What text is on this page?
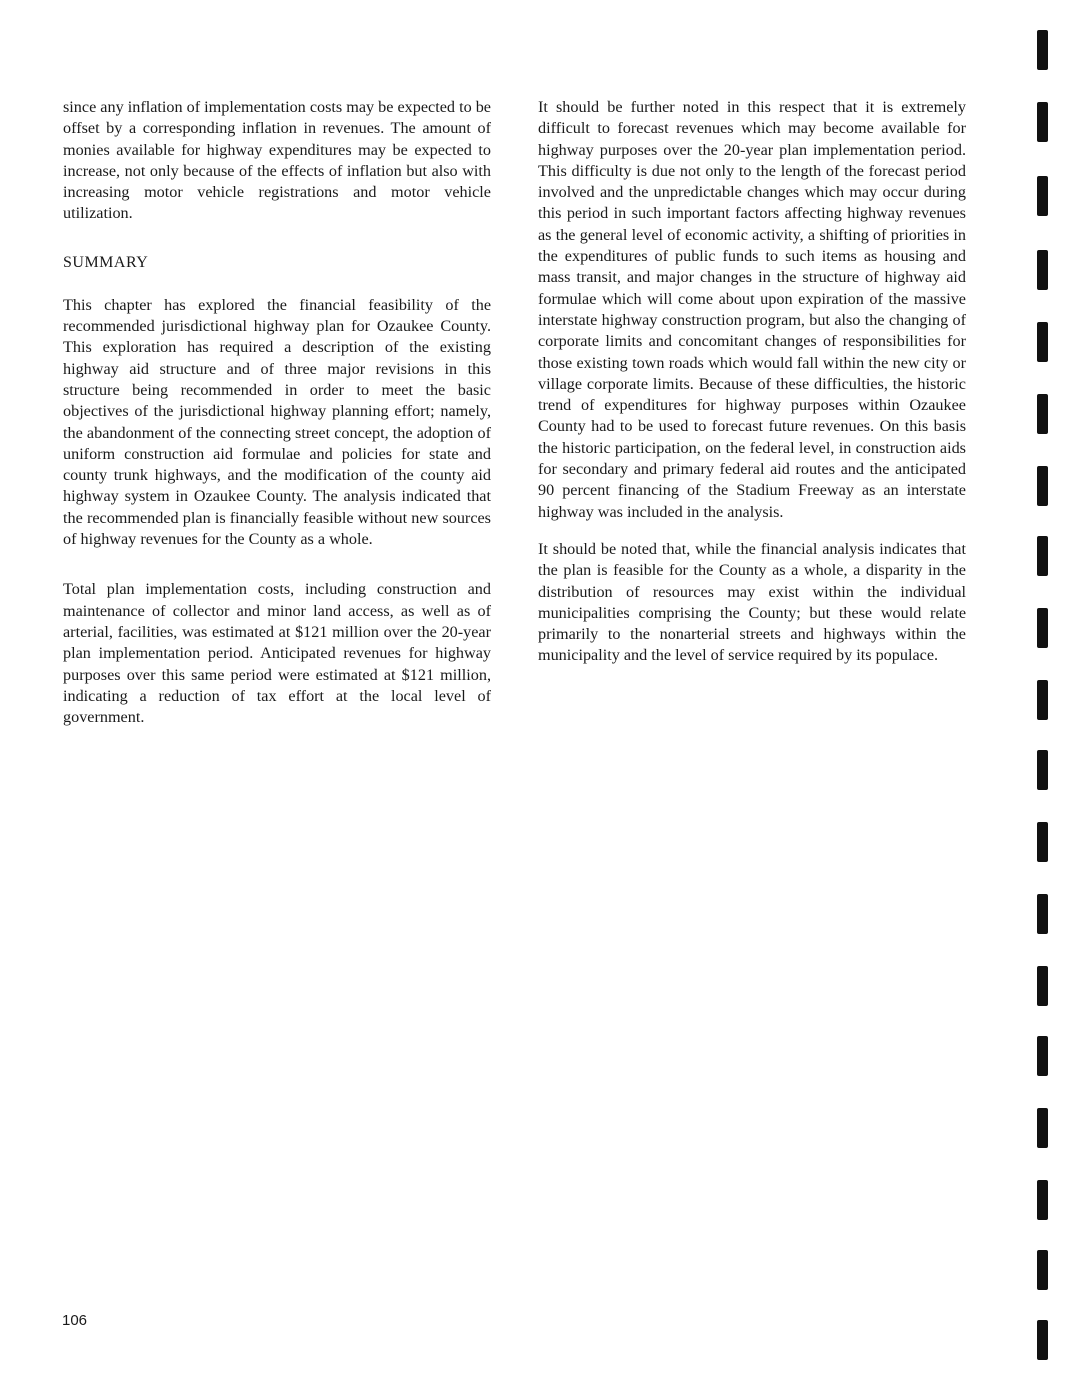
since any inflation of implementation costs may be expected to be offset by a corresponding inflation in revenues. The amount of monies available for highway expenditures may be expected to increase, not only because of the effects of inflation but also with increasing motor vehicle registrations and motor vehicle utilization.

SUMMARY

This chapter has explored the financial feasibility of the recommended jurisdictional highway plan for Ozaukee County. This exploration has required a description of the existing highway aid structure and of three major revisions in this structure being recommended in order to meet the basic objectives of the jurisdictional highway planning effort; namely, the abandonment of the connecting street concept, the adoption of uniform construction aid formulae and policies for state and county trunk highways, and the modification of the county aid highway system in Ozaukee County. The analysis indicated that the recommended plan is financially feasible without new sources of highway revenues for the County as a whole.

Total plan implementation costs, including construction and maintenance of collector and minor land access, as well as of arterial, facilities, was estimated at $121 million over the 20-year plan implementation period. Anticipated revenues for highway purposes over this same period were estimated at $121 million, indicating a reduction of tax effort at the local level of government.

It should be further noted in this respect that it is extremely difficult to forecast revenues which may become available for highway purposes over the 20-year plan implementation period. This difficulty is due not only to the length of the forecast period involved and the unpredictable changes which may occur during this period in such important factors affecting highway revenues as the general level of economic activity, a shifting of priorities in the expenditures of public funds to such items as housing and mass transit, and major changes in the structure of highway aid formulae which will come about upon expiration of the massive interstate highway construction program, but also the changing of corporate limits and concomitant changes of responsibilities for those existing town roads which would fall within the new city or village corporate limits. Because of these difficulties, the historic trend of expenditures for highway purposes within Ozaukee County had to be used to forecast future revenues. On this basis the historic participation, on the federal level, in construction aids for secondary and primary federal aid routes and the anticipated 90 percent financing of the Stadium Freeway as an interstate highway was included in the analysis.

It should be noted that, while the financial analysis indicates that the plan is feasible for the County as a whole, a disparity in the distribution of resources may exist within the individual municipalities comprising the County; but these would relate primarily to the nonarterial streets and highways within the municipality and the level of service required by its populace.

106
